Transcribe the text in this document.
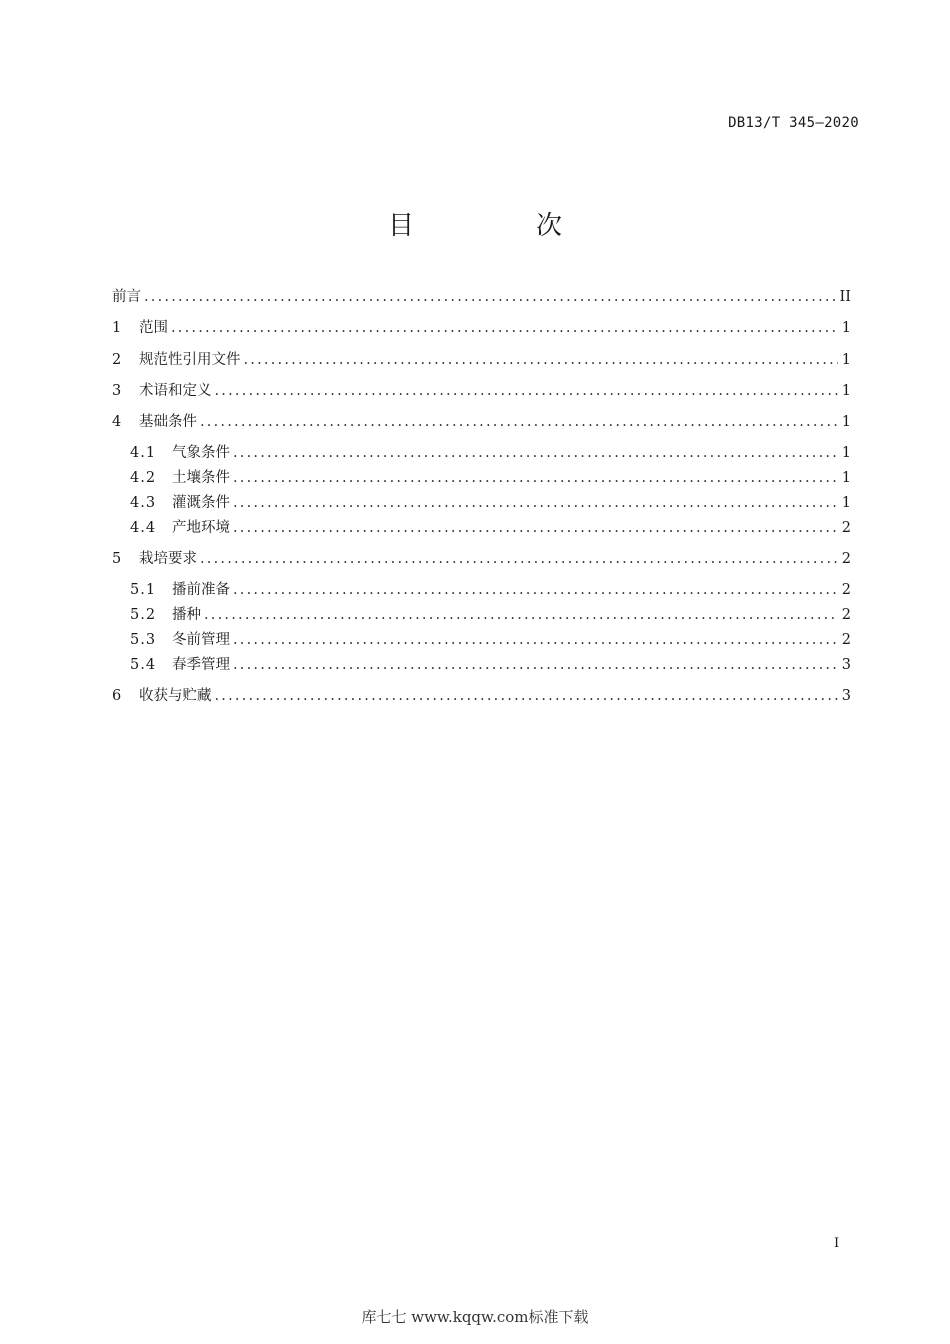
DB13/T 345—2020
目　次
前言 .....	II
1	范围 .....	1
2	规范性引用文件 .....	1
3	术语和定义 .....	1
4	基础条件 .....	1
4.1	气象条件 .....	1
4.2	土壤条件 .....	1
4.3	灌溉条件 .....	1
4.4	产地环境 .....	2
5	栽培要求 .....	2
5.1	播前准备 .....	2
5.2	播种 .....	2
5.3	冬前管理 .....	2
5.4	春季管理 .....	3
6	收获与贮藏 .....	3
I
库七七 www.kqqw.com标准下载
